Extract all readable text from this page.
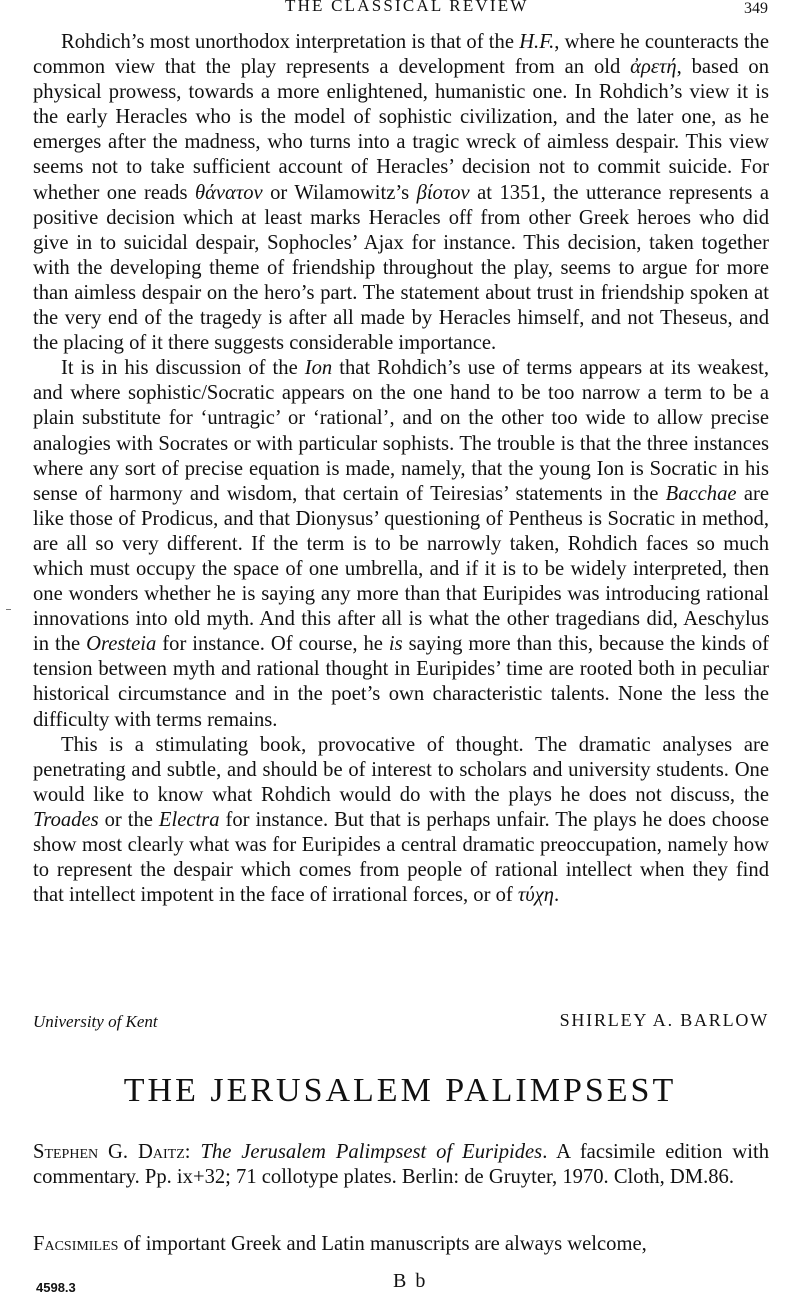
THE CLASSICAL REVIEW	349

Rohdich’s most unorthodox interpretation is that of the H.F., where he counteracts the common view that the play represents a development from an old ἀρετή, based on physical prowess, towards a more enlightened, humanistic one. In Rohdich’s view it is the early Heracles who is the model of sophistic civilization, and the later one, as he emerges after the madness, who turns into a tragic wreck of aimless despair. This view seems not to take sufficient account of Heracles’ decision not to commit suicide. For whether one reads θάνατον or Wilamowitz’s βίοτον at 1351, the utterance represents a positive decision which at least marks Heracles off from other Greek heroes who did give in to suicidal despair, Sophocles’ Ajax for instance. This decision, taken together with the developing theme of friendship throughout the play, seems to argue for more than aimless despair on the hero’s part. The statement about trust in friendship spoken at the very end of the tragedy is after all made by Heracles himself, and not Theseus, and the placing of it there suggests considerable importance.

It is in his discussion of the Ion that Rohdich’s use of terms appears at its weakest, and where sophistic/Socratic appears on the one hand to be too narrow a term to be a plain substitute for ‘untragic’ or ‘rational’, and on the other too wide to allow precise analogies with Socrates or with particular sophists. The trouble is that the three instances where any sort of precise equation is made, namely, that the young Ion is Socratic in his sense of harmony and wisdom, that certain of Teiresias’ statements in the Bacchae are like those of Prodicus, and that Dionysus’ questioning of Pentheus is Socratic in method, are all so very different. If the term is to be narrowly taken, Rohdich faces so much which must occupy the space of one umbrella, and if it is to be widely interpreted, then one wonders whether he is saying any more than that Euripides was introducing rational innovations into old myth. And this after all is what the other tragedians did, Aeschylus in the Oresteia for instance. Of course, he is saying more than this, because the kinds of tension between myth and rational thought in Euripides’ time are rooted both in peculiar historical circumstance and in the poet’s own characteristic talents. None the less the difficulty with terms remains.

This is a stimulating book, provocative of thought. The dramatic analyses are penetrating and subtle, and should be of interest to scholars and university students. One would like to know what Rohdich would do with the plays he does not discuss, the Troades or the Electra for instance. But that is perhaps unfair. The plays he does choose show most clearly what was for Euripides a central dramatic preoccupation, namely how to represent the despair which comes from people of rational intellect when they find that intellect impotent in the face of irrational forces, or of τύχη.

University of Kent	SHIRLEY A. BARLOW
THE JERUSALEM PALIMPSEST

Stephen G. Daitz: The Jerusalem Palimpsest of Euripides. A facsimile edition with commentary. Pp. ix+32; 71 collotype plates. Berlin: de Gruyter, 1970. Cloth, DM.86.

Facsimiles of important Greek and Latin manuscripts are always welcome,
4598.3	B b
